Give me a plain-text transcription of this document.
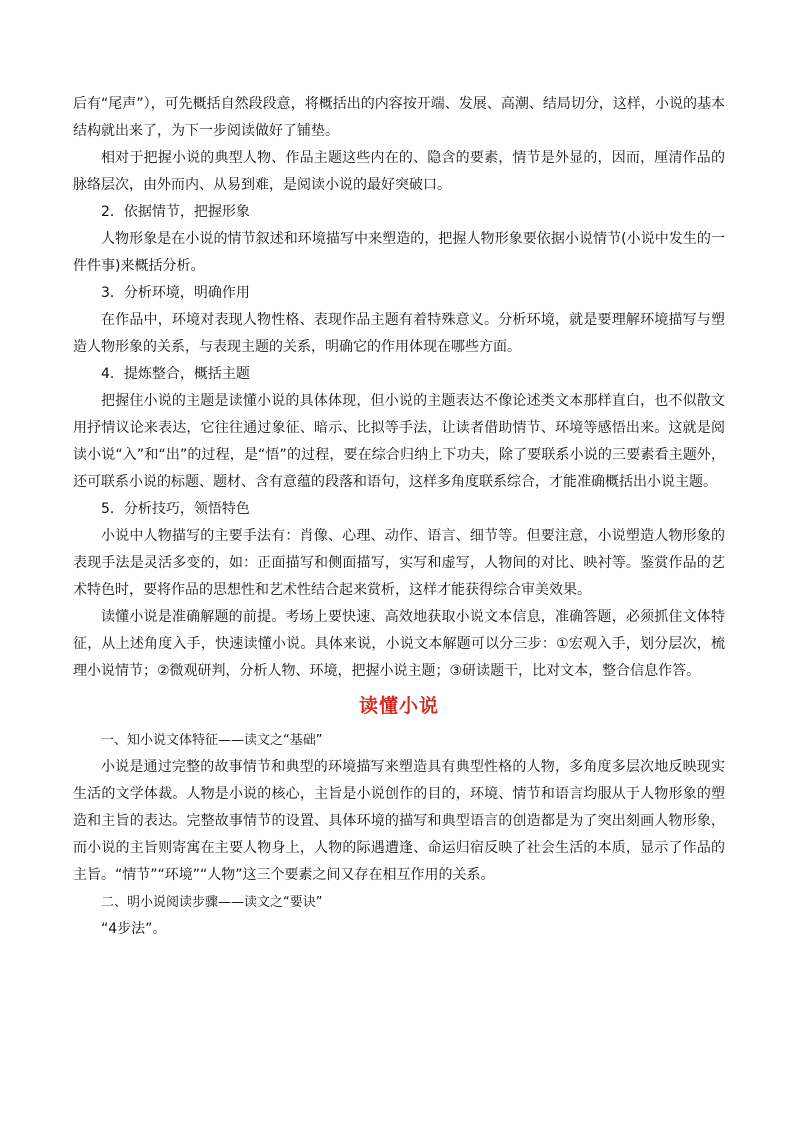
后有“尾声”），可先概括自然段段意，将概括出的内容按开端、发展、高潮、结局切分，这样，小说的基本结构就出来了，为下一步阅读做好了铺垫。

相对于把握小说的典型人物、作品主题这些内在的、隐含的要素，情节是外显的，因而，厘清作品的脉络层次，由外而内、从易到难，是阅读小说的最好突破口。

2．依据情节，把握形象

人物形象是在小说的情节叙述和环境描写中来塑造的，把握人物形象要依据小说情节(小说中发生的一件件事)来概括分析。

3．分析环境，明确作用

在作品中，环境对表现人物性格、表现作品主题有着特殊意义。分析环境，就是要理解环境描写与塑造人物形象的关系，与表现主题的关系，明确它的作用体现在哪些方面。

4．提炼整合，概括主题

把握住小说的主题是读懂小说的具体体现，但小说的主题表达不像论述类文本那样直白，也不似散文用抒情议论来表达，它往往通过象征、暗示、比拟等手法，让读者借助情节、环境等感悟出来。这就是阅读小说“入”和“出”的过程，是“悟”的过程，要在综合归纳上下功夫，除了要联系小说的三要素看主题外，还可联系小说的标题、题材、含有意蕴的段落和语句，这样多角度联系综合，才能准确概括出小说主题。

5．分析技巧，领悟特色

小说中人物描写的主要手法有：肖像、心理、动作、语言、细节等。但要注意，小说塑造人物形象的表现手法是灵活多变的，如：正面描写和侧面描写，实写和虚写，人物间的对比、映衬等。鉴赏作品的艺术特色时，要将作品的思想性和艺术性结合起来赏析，这样才能获得综合审美效果。

读懂小说是准确解题的前提。考场上要快速、高效地获取小说文本信息，准确答题，必须抓住文体特征，从上述角度入手，快速读懂小说。具体来说，小说文本解题可以分三步：①宏观入手，划分层次，梳理小说情节；②微观研判，分析人物、环境，把握小说主题；③研读题干，比对文本，整合信息作答。

读懂小说

一、知小说文体特征——读文之“基础”

小说是通过完整的故事情节和典型的环境描写来塑造具有典型性格的人物，多角度多层次地反映现实生活的文学体裁。人物是小说的核心，主旨是小说创作的目的，环境、情节和语言均服从于人物形象的塑造和主旨的表达。完整故事情节的设置、具体环境的描写和典型语言的创造都是为了突出刻画人物形象，而小说的主旨则寄寓在主要人物身上，人物的际遇遭逢、命运归宿反映了社会生活的本质，显示了作品的主旨。“情节”“环境”“人物”这三个要素之间又存在相互作用的关系。

二、明小说阅读步骤——读文之“要诀”

“4步法”。
